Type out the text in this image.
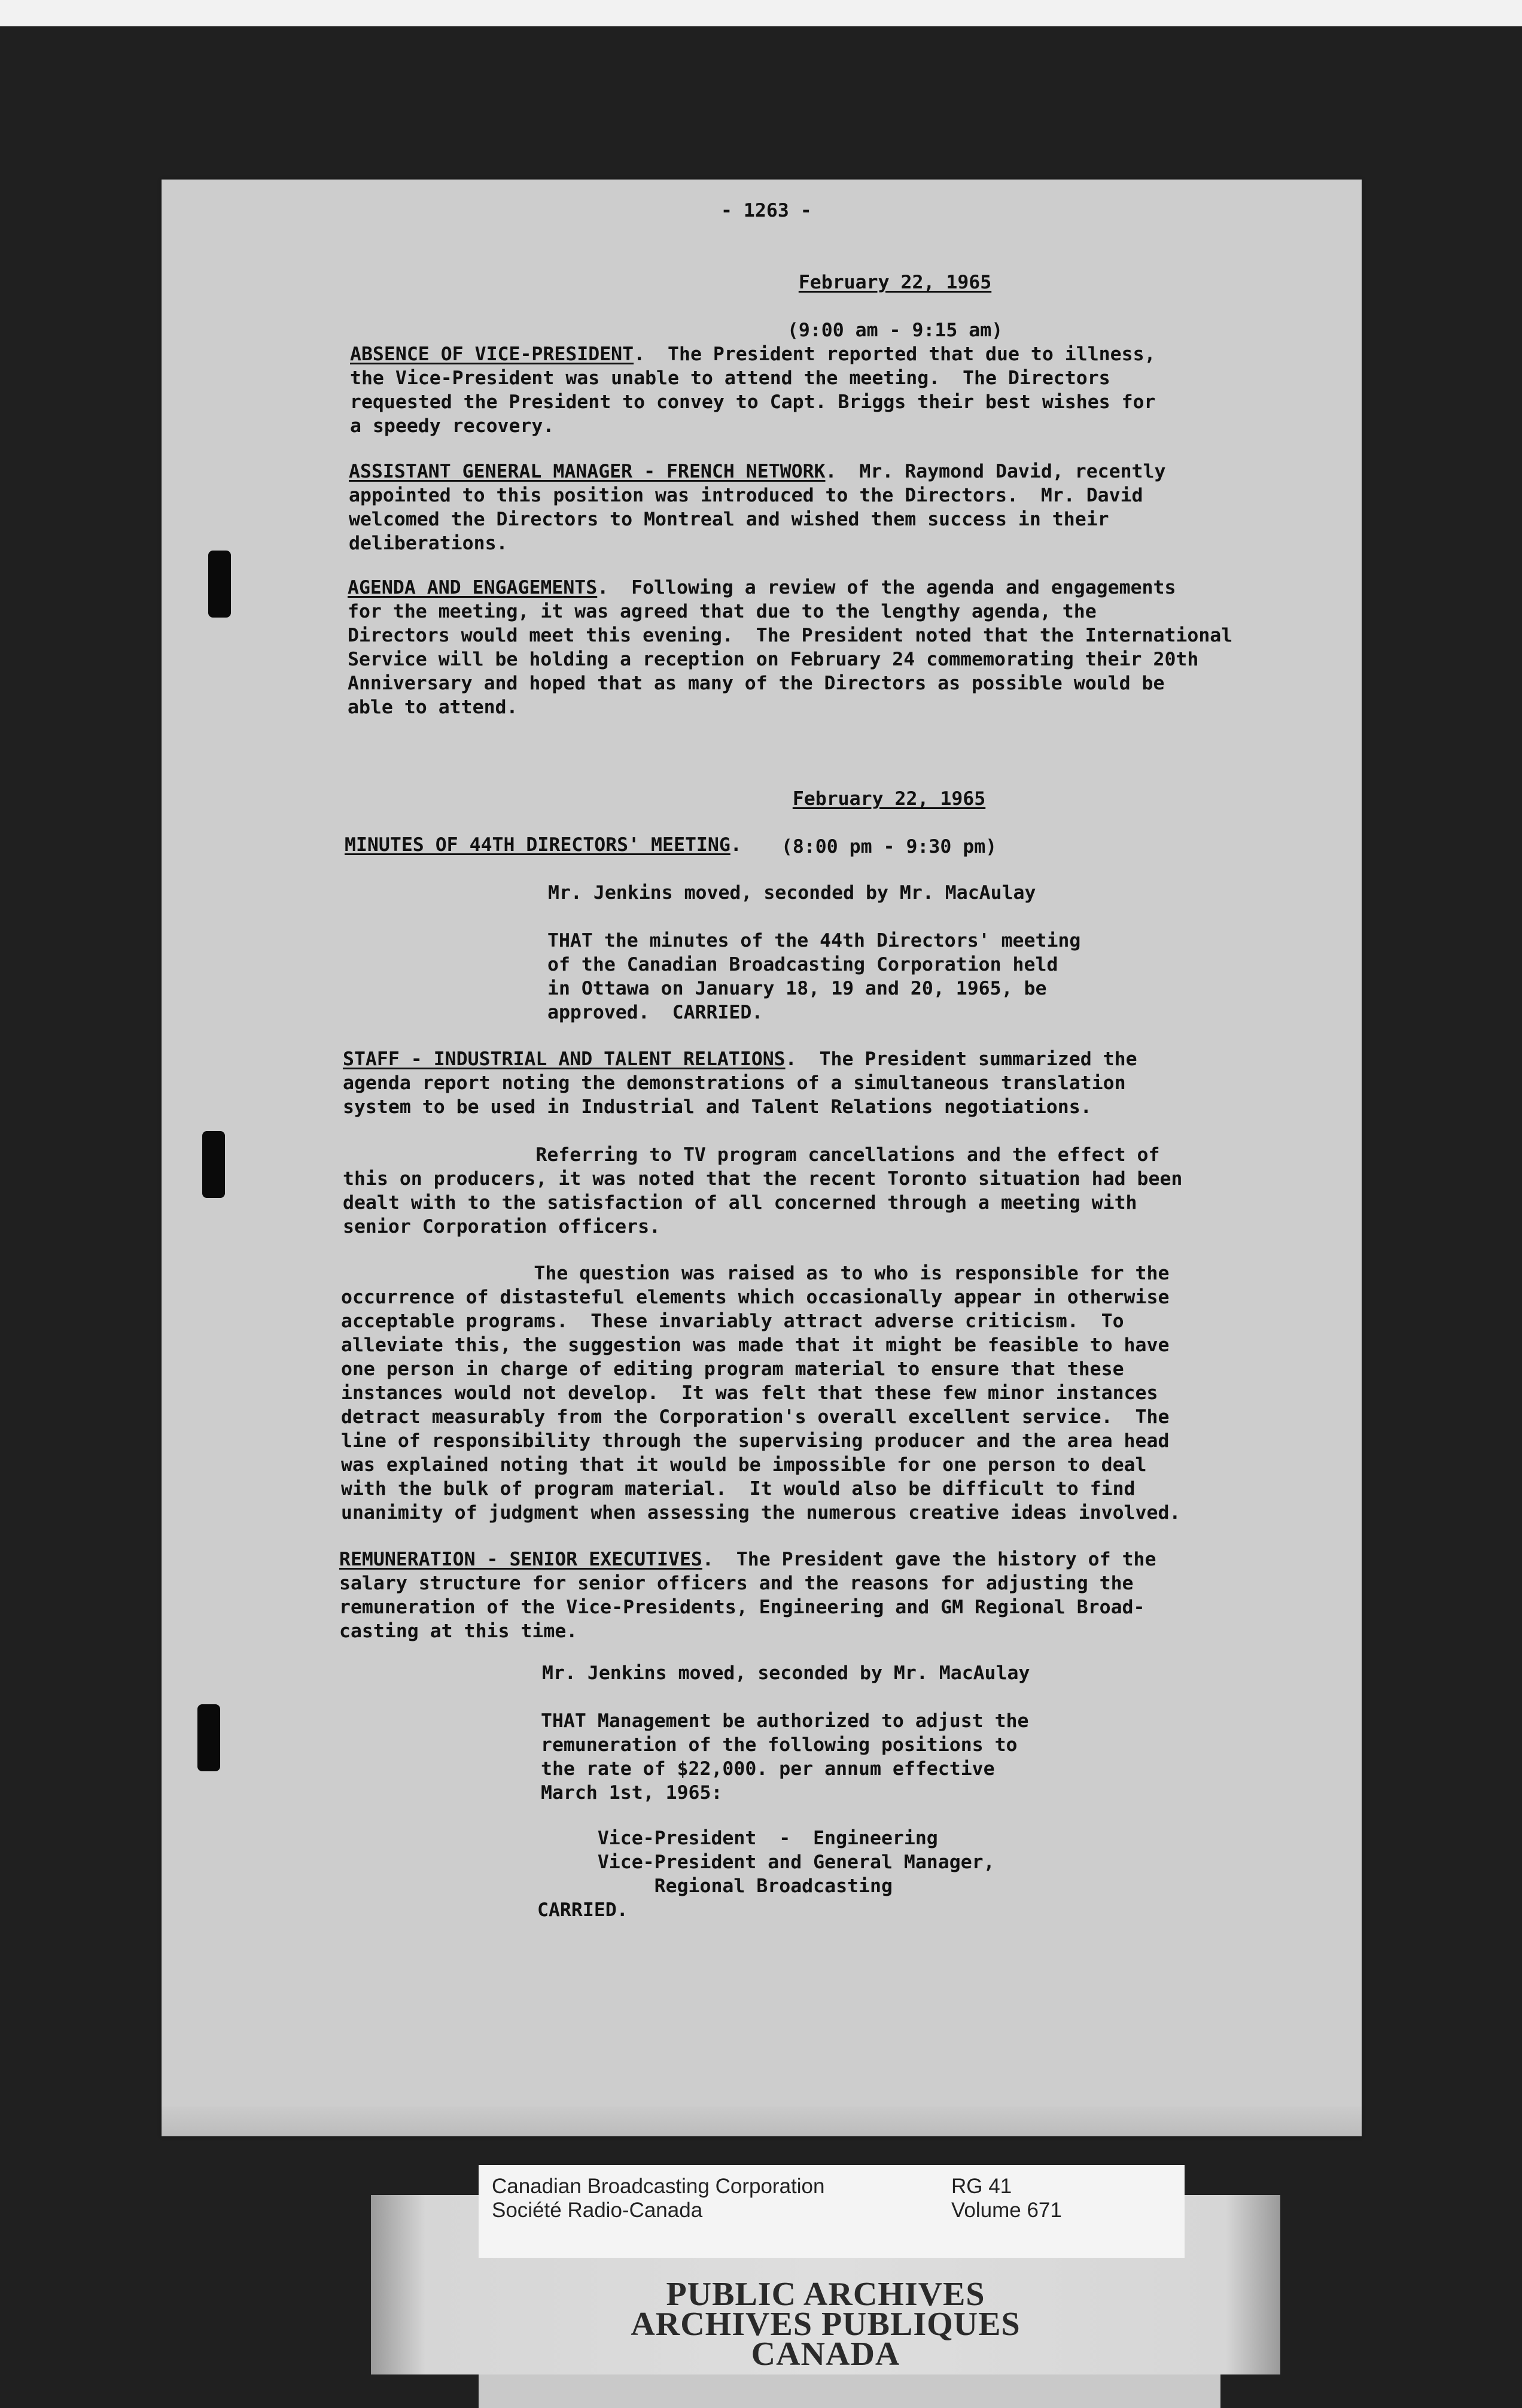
- 1263 -

February 22, 1965

(9:00 am - 9:15 am)

ABSENCE OF VICE-PRESIDENT.  The President reported that due to illness,
the Vice-President was unable to attend the meeting.  The Directors
requested the President to convey to Capt. Briggs their best wishes for
a speedy recovery.

ASSISTANT GENERAL MANAGER - FRENCH NETWORK.  Mr. Raymond David, recently
appointed to this position was introduced to the Directors.  Mr. David
welcomed the Directors to Montreal and wished them success in their
deliberations.

AGENDA AND ENGAGEMENTS.  Following a review of the agenda and engagements
for the meeting, it was agreed that due to the lengthy agenda, the
Directors would meet this evening.  The President noted that the International
Service will be holding a reception on February 24 commemorating their 20th
Anniversary and hoped that as many of the Directors as possible would be
able to attend.

February 22, 1965

(8:00 pm - 9:30 pm)

MINUTES OF 44TH DIRECTORS' MEETING.

Mr. Jenkins moved, seconded by Mr. MacAulay

THAT the minutes of the 44th Directors' meeting
of the Canadian Broadcasting Corporation held
in Ottawa on January 18, 19 and 20, 1965, be
approved.  CARRIED.

STAFF - INDUSTRIAL AND TALENT RELATIONS.  The President summarized the
agenda report noting the demonstrations of a simultaneous translation
system to be used in Industrial and Talent Relations negotiations.

Referring to TV program cancellations and the effect of
this on producers, it was noted that the recent Toronto situation had been
dealt with to the satisfaction of all concerned through a meeting with
senior Corporation officers.

The question was raised as to who is responsible for the
occurrence of distasteful elements which occasionally appear in otherwise
acceptable programs.  These invariably attract adverse criticism.  To
alleviate this, the suggestion was made that it might be feasible to have
one person in charge of editing program material to ensure that these
instances would not develop.  It was felt that these few minor instances
detract measurably from the Corporation's overall excellent service.  The
line of responsibility through the supervising producer and the area head
was explained noting that it would be impossible for one person to deal
with the bulk of program material.  It would also be difficult to find
unanimity of judgment when assessing the numerous creative ideas involved.

REMUNERATION - SENIOR EXECUTIVES.  The President gave the history of the
salary structure for senior officers and the reasons for adjusting the
remuneration of the Vice-Presidents, Engineering and GM Regional Broad-
casting at this time.

Mr. Jenkins moved, seconded by Mr. MacAulay

THAT Management be authorized to adjust the
remuneration of the following positions to
the rate of $22,000. per annum effective
March 1st, 1965:

Vice-President  -  Engineering
Vice-President and General Manager,
Regional Broadcasting

CARRIED.

PUBLIC ARCHIVES
ARCHIVES PUBLIQUES
CANADA
Canadian Broadcasting Corporation
Société Radio-Canada
RG 41
Volume 671
